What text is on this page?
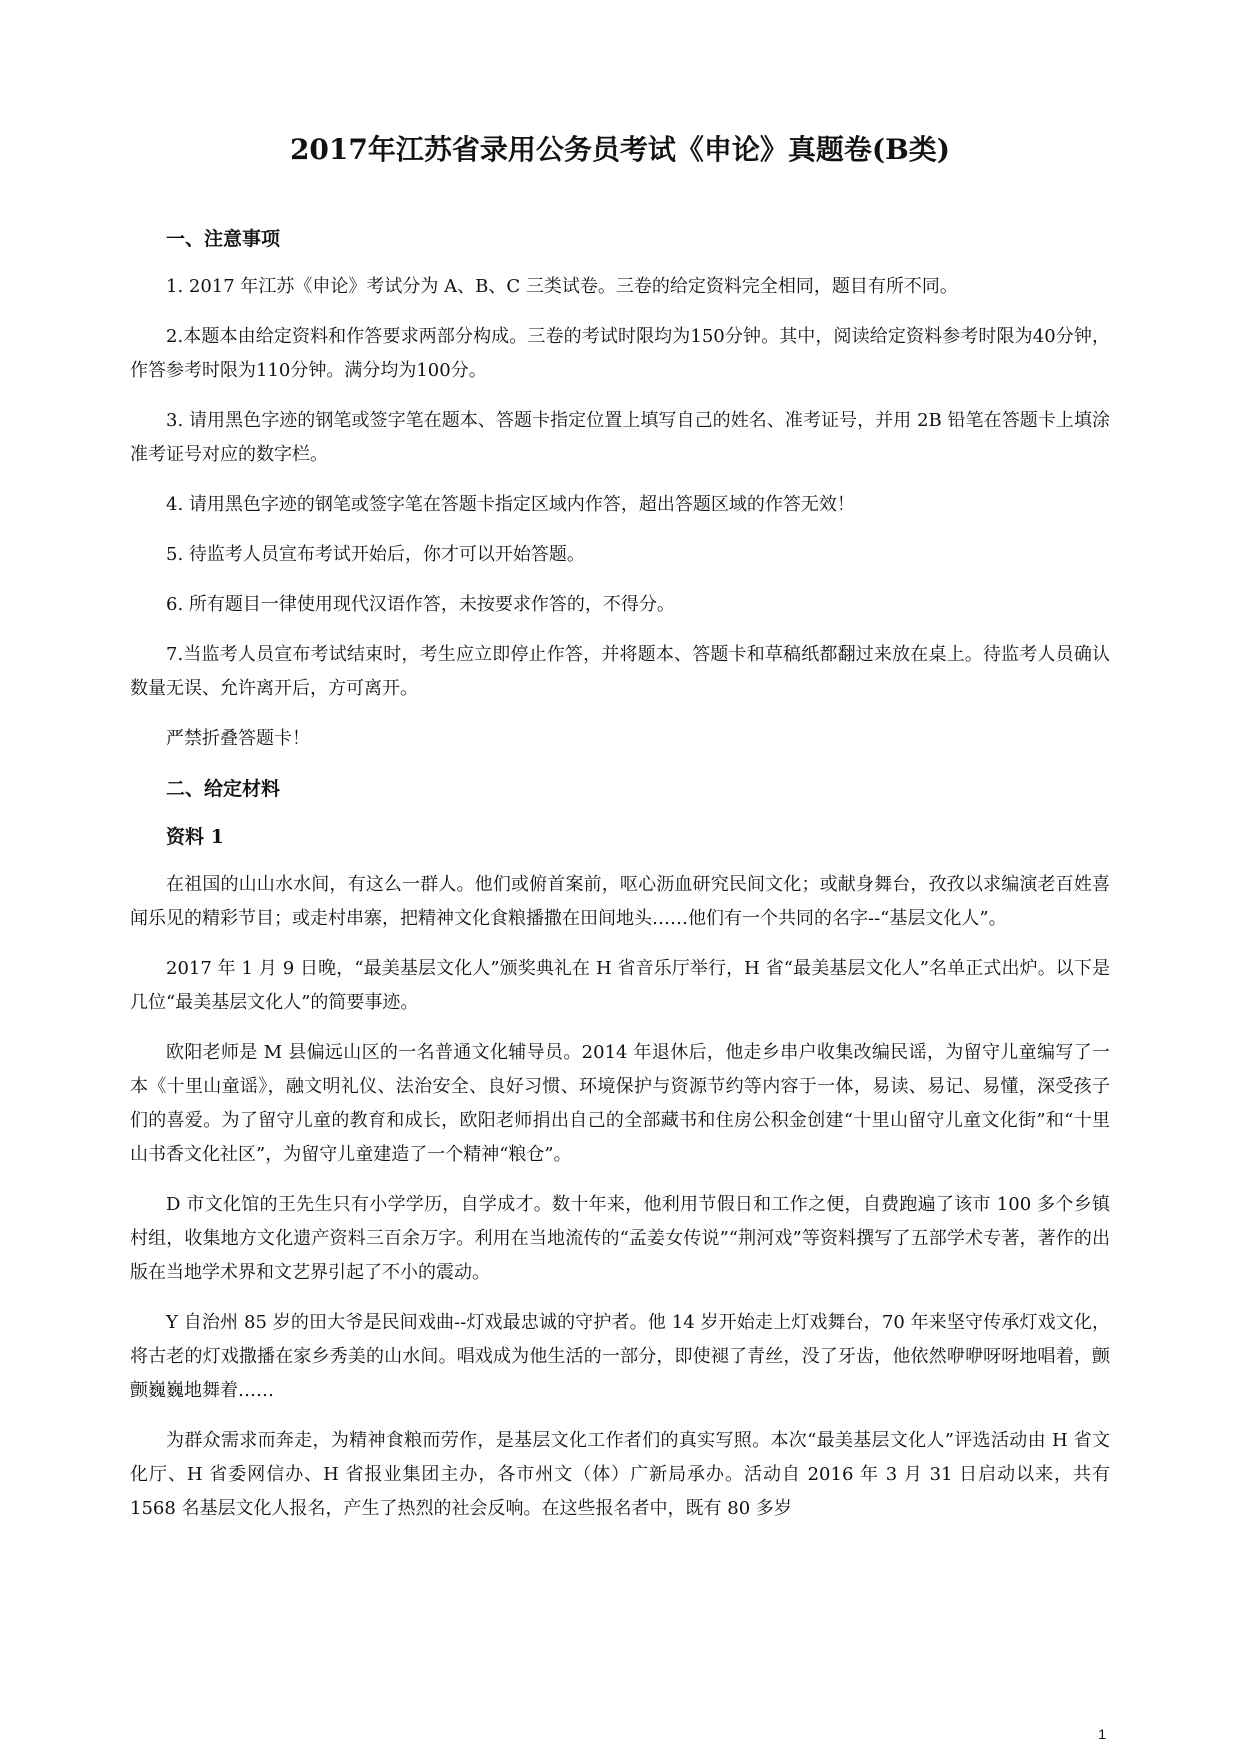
2017年江苏省录用公务员考试《申论》真题卷(B类)
一、注意事项

1. 2017 年江苏《申论》考试分为 A、B、C 三类试卷。三卷的给定资料完全相同，题目有所不同。

2.本题本由给定资料和作答要求两部分构成。三卷的考试时限均为150分钟。其中，阅读给定资料参考时限为40分钟，作答参考时限为110分钟。满分均为100分。

3. 请用黑色字迹的钢笔或签字笔在题本、答题卡指定位置上填写自己的姓名、准考证号，并用 2B 铅笔在答题卡上填涂准考证号对应的数字栏。

4. 请用黑色字迹的钢笔或签字笔在答题卡指定区域内作答，超出答题区域的作答无效！

5. 待监考人员宣布考试开始后，你才可以开始答题。

6. 所有题目一律使用现代汉语作答，未按要求作答的，不得分。

7.当监考人员宣布考试结束时，考生应立即停止作答，并将题本、答题卡和草稿纸都翻过来放在桌上。待监考人员确认数量无误、允许离开后，方可离开。

严禁折叠答题卡！

二、给定材料
资料 1

在祖国的山山水水间，有这么一群人。他们或俯首案前，呕心沥血研究民间文化；或献身舞台，孜孜以求编演老百姓喜闻乐见的精彩节目；或走村串寨，把精神文化食粮播撒在田间地头……他们有一个共同的名字--“基层文化人”。

2017 年 1 月 9 日晚，“最美基层文化人”颁奖典礼在 H 省音乐厅举行，H 省“最美基层文化人”名单正式出炉。以下是几位“最美基层文化人”的简要事迹。

欧阳老师是 M 县偏远山区的一名普通文化辅导员。2014 年退休后，他走乡串户收集改编民谣，为留守儿童编写了一本《十里山童谣》，融文明礼仪、法治安全、良好习惯、环境保护与资源节约等内容于一体，易读、易记、易懂，深受孩子们的喜爱。为了留守儿童的教育和成长，欧阳老师捐出自己的全部藏书和住房公积金创建“十里山留守儿童文化街”和“十里山书香文化社区”，为留守儿童建造了一个精神“粮仓”。

D 市文化馆的王先生只有小学学历，自学成才。数十年来，他利用节假日和工作之便，自费跑遍了该市 100 多个乡镇村组，收集地方文化遗产资料三百余万字。利用在当地流传的“孟姜女传说”“荆河戏”等资料撰写了五部学术专著，著作的出版在当地学术界和文艺界引起了不小的震动。

Y 自治州 85 岁的田大爷是民间戏曲--灯戏最忠诚的守护者。他 14 岁开始走上灯戏舞台，70 年来坚守传承灯戏文化，将古老的灯戏撒播在家乡秀美的山水间。唱戏成为他生活的一部分，即使褪了青丝，没了牙齿，他依然咿咿呀呀地唱着，颤颤巍巍地舞着……

为群众需求而奔走，为精神食粮而劳作，是基层文化工作者们的真实写照。本次“最美基层文化人”评选活动由 H 省文化厅、H 省委网信办、H 省报业集团主办，各市州文（体）广新局承办。活动自 2016 年 3 月 31 日启动以来，共有 1568 名基层文化人报名，产生了热烈的社会反响。在这些报名者中，既有 80 多岁

1
